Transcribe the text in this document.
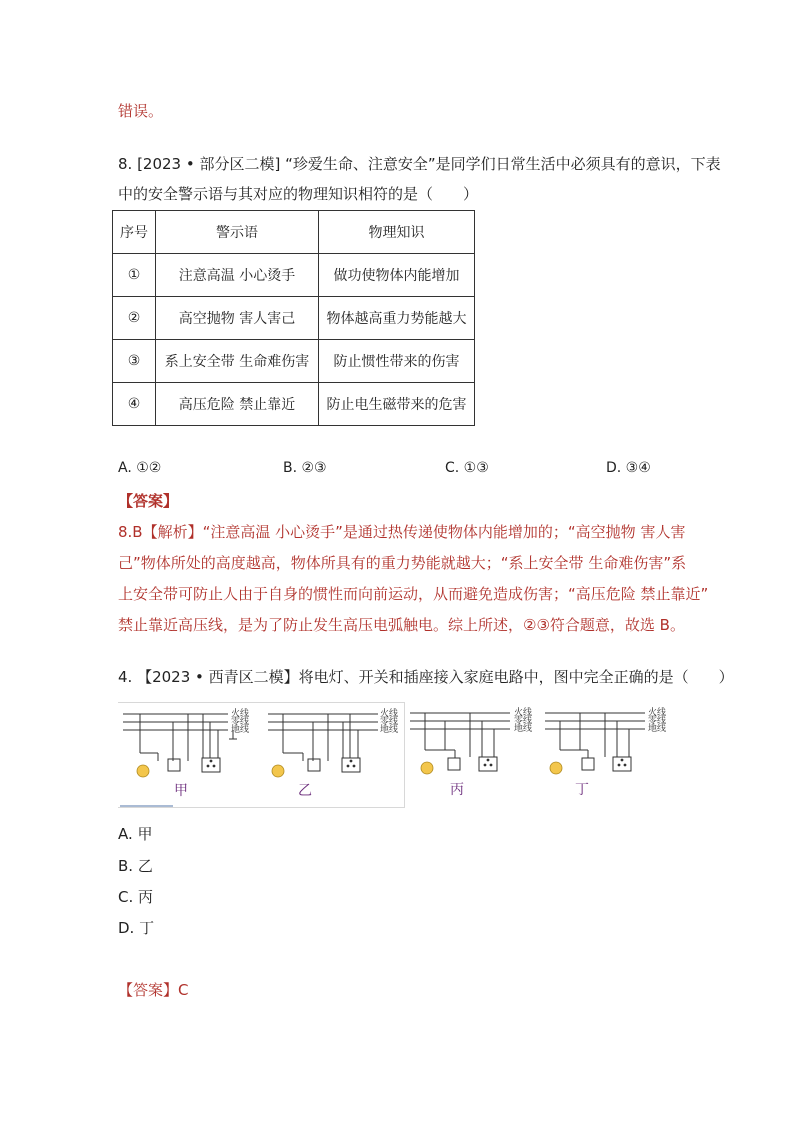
错误。
8. [2023 • 部分区二模] “珍爱生命、注意安全”是同学们日常生活中必须具有的意识，下表
中的安全警示语与其对应的物理知识相符的是（　　）
序号	警示语	物理知识
①	注意高温 小心烫手	做功使物体内能增加
②	高空抛物 害人害己	物体越高重力势能越大
③	系上安全带 生命难伤害	防止惯性带来的伤害
④	高压危险 禁止靠近	防止电生磁带来的危害
A. ①②	B. ②③	C. ①③	D. ③④
【答案】
8.B【解析】“注意高温 小心烫手”是通过热传递使物体内能增加的；“高空抛物 害人害
己”物体所处的高度越高，物体所具有的重力势能就越大；“系上安全带 生命难伤害”系
上安全带可防止人由于自身的惯性而向前运动，从而避免造成伤害；“高压危险 禁止靠近”
禁止靠近高压线，是为了防止发生高压电弧触电。综上所述，②③符合题意，故选 B。
4. 【2023 • 西青区二模】将电灯、开关和插座接入家庭电路中，图中完全正确的是（　　）
火线
零线
地线
火线
零线
地线
甲	乙
火线
零线
地线
火线
零线
地线
丙	丁
A. 甲
B. 乙
C. 丙
D. 丁
【答案】C
